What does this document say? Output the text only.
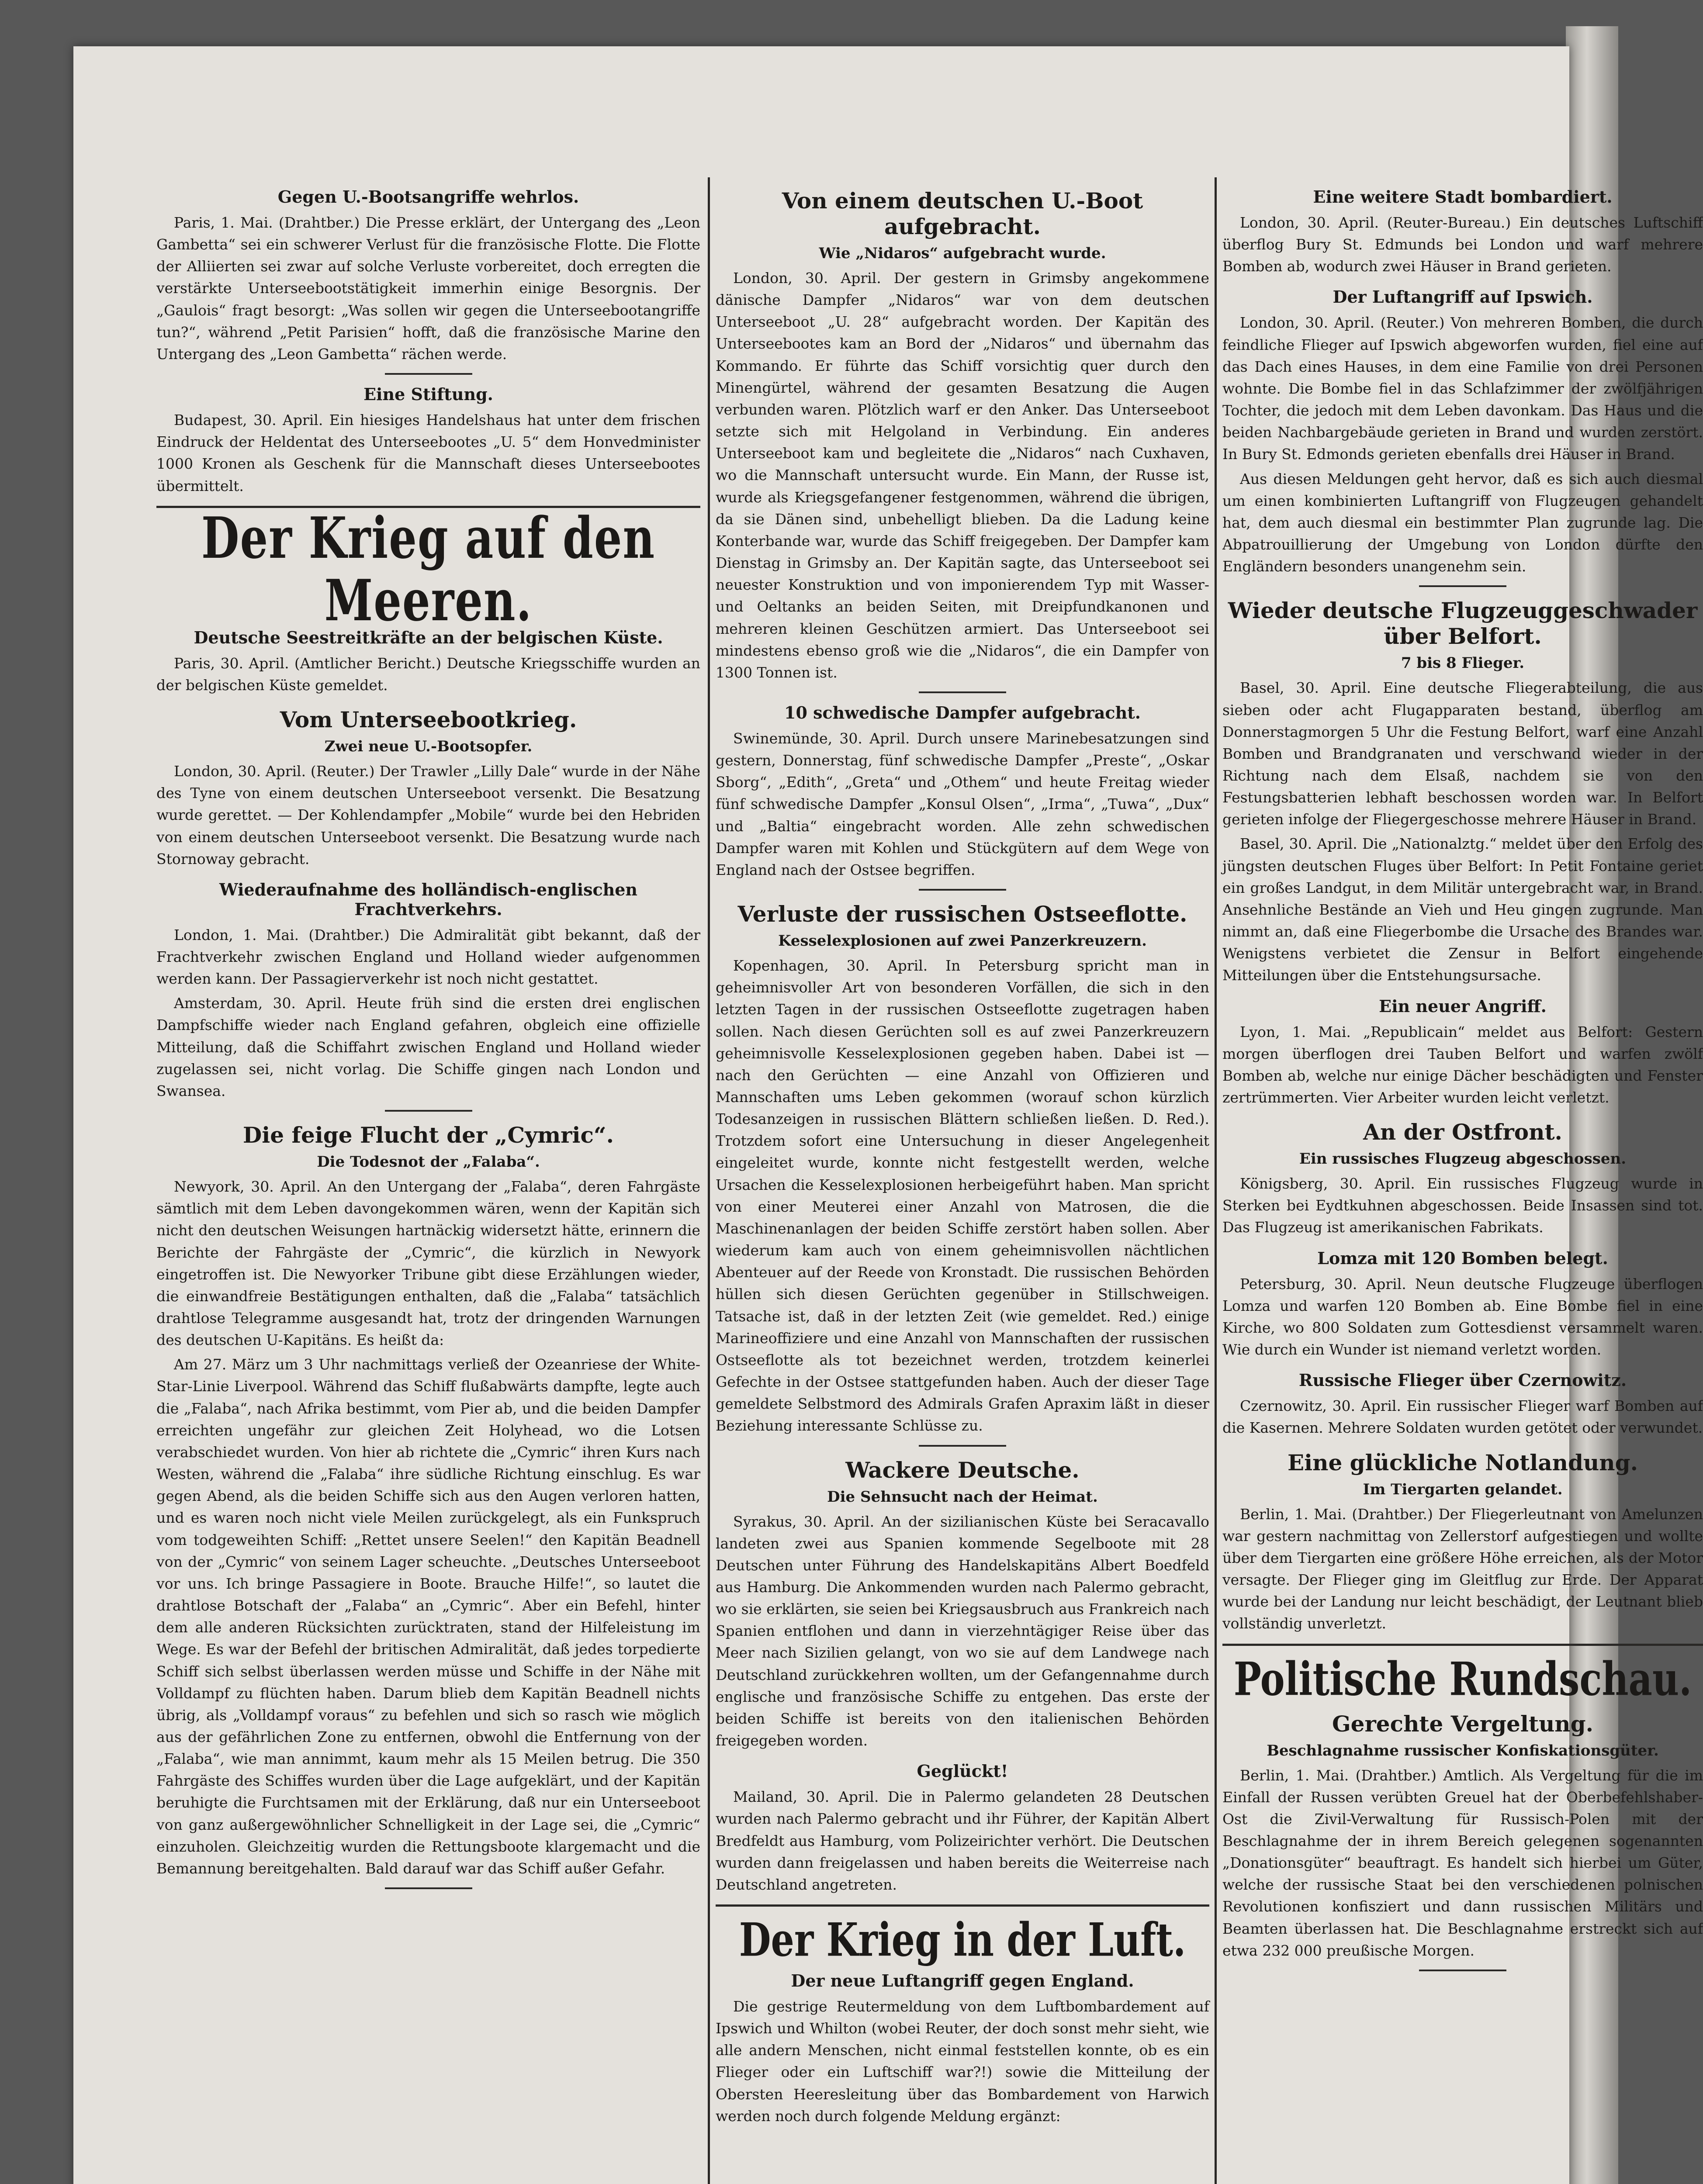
Gegen U.-Bootsangriffe wehrlos.

Paris, 1. Mai. (Drahtber.) Die Presse erklärt, der Untergang des „Leon Gambetta“ sei ein schwerer Verlust für die französische Flotte. Die Flotte der Alliierten sei zwar auf solche Verluste vorbereitet, doch erregten die verstärkte Unterseebootstätigkeit immerhin einige Besorgnis. Der „Gaulois“ fragt besorgt: „Was sollen wir gegen die Unterseebootangriffe tun?“, während „Petit Parisien“ hofft, daß die französische Marine den Untergang des „Leon Gambetta“ rächen werde.

Eine Stiftung.

Budapest, 30. April. Ein hiesiges Handelshaus hat unter dem frischen Eindruck der Heldentat des Unterseebootes „U. 5“ dem Honvedminister 1000 Kronen als Geschenk für die Mannschaft dieses Unterseebootes übermittelt.

Der Krieg auf den Meeren.
Deutsche Seestreitkräfte an der belgischen Küste.

Paris, 30. April. (Amtlicher Bericht.) Deutsche Kriegsschiffe wurden an der belgischen Küste gemeldet.

Vom Unterseebootkrieg.
Zwei neue U.-Bootsopfer.

London, 30. April. (Reuter.) Der Trawler „Lilly Dale“ wurde in der Nähe des Tyne von einem deutschen Unterseeboot versenkt. Die Besatzung wurde gerettet. — Der Kohlendampfer „Mobile“ wurde bei den Hebriden von einem deutschen Unterseeboot versenkt. Die Besatzung wurde nach Stornoway gebracht.

Wiederaufnahme des holländisch-englischen Frachtverkehrs.

London, 1. Mai. (Drahtber.) Die Admiralität gibt bekannt, daß der Frachtverkehr zwischen England und Holland wieder aufgenommen werden kann. Der Passagierverkehr ist noch nicht gestattet.

Amsterdam, 30. April. Heute früh sind die ersten drei englischen Dampfschiffe wieder nach England gefahren, obgleich eine offizielle Mitteilung, daß die Schiffahrt zwischen England und Holland wieder zugelassen sei, nicht vorlag. Die Schiffe gingen nach London und Swansea.

Die feige Flucht der „Cymric“.
Die Todesnot der „Falaba“.

Newyork, 30. April. An den Untergang der „Falaba“, deren Fahrgäste sämtlich mit dem Leben davongekommen wären, wenn der Kapitän sich nicht den deutschen Weisungen hartnäckig widersetzt hätte, erinnern die Berichte der Fahrgäste der „Cymric“, die kürzlich in Newyork eingetroffen ist. Die Newyorker Tribune gibt diese Erzählungen wieder, die einwandfreie Bestätigungen enthalten, daß die „Falaba“ tatsächlich drahtlose Telegramme ausgesandt hat, trotz der dringenden Warnungen des deutschen U-Kapitäns. Es heißt da:

Am 27. März um 3 Uhr nachmittags verließ der Ozeanriese der White-Star-Linie Liverpool. Während das Schiff flußabwärts dampfte, legte auch die „Falaba“, nach Afrika bestimmt, vom Pier ab, und die beiden Dampfer erreichten ungefähr zur gleichen Zeit Holyhead, wo die Lotsen verabschiedet wurden. Von hier ab richtete die „Cymric“ ihren Kurs nach Westen, während die „Falaba“ ihre südliche Richtung einschlug. Es war gegen Abend, als die beiden Schiffe sich aus den Augen verloren hatten, und es waren noch nicht viele Meilen zurückgelegt, als ein Funkspruch vom todgeweihten Schiff: „Rettet unsere Seelen!“ den Kapitän Beadnell von der „Cymric“ von seinem Lager scheuchte. „Deutsches Unterseeboot vor uns. Ich bringe Passagiere in Boote. Brauche Hilfe!“, so lautet die drahtlose Botschaft der „Falaba“ an „Cymric“. Aber ein Befehl, hinter dem alle anderen Rücksichten zurücktraten, stand der Hilfeleistung im Wege. Es war der Befehl der britischen Admiralität, daß jedes torpedierte Schiff sich selbst überlassen werden müsse und Schiffe in der Nähe mit Volldampf zu flüchten haben. Darum blieb dem Kapitän Beadnell nichts übrig, als „Volldampf voraus“ zu befehlen und sich so rasch wie möglich aus der gefährlichen Zone zu entfernen, obwohl die Entfernung von der „Falaba“, wie man annimmt, kaum mehr als 15 Meilen betrug. Die 350 Fahrgäste des Schiffes wurden über die Lage aufgeklärt, und der Kapitän beruhigte die Furchtsamen mit der Erklärung, daß nur ein Unterseeboot von ganz außergewöhnlicher Schnelligkeit in der Lage sei, die „Cymric“ einzuholen. Gleichzeitig wurden die Rettungsboote klargemacht und die Bemannung bereitgehalten. Bald darauf war das Schiff außer Gefahr.

Von einem deutschen U.-Boot aufgebracht.
Wie „Nidaros“ aufgebracht wurde.

London, 30. April. Der gestern in Grimsby angekommene dänische Dampfer „Nidaros“ war von dem deutschen Unterseeboot „U. 28“ aufgebracht worden. Der Kapitän des Unterseebootes kam an Bord der „Nidaros“ und übernahm das Kommando. Er führte das Schiff vorsichtig quer durch den Minengürtel, während der gesamten Besatzung die Augen verbunden waren. Plötzlich warf er den Anker. Das Unterseeboot setzte sich mit Helgoland in Verbindung. Ein anderes Unterseeboot kam und begleitete die „Nidaros“ nach Cuxhaven, wo die Mannschaft untersucht wurde. Ein Mann, der Russe ist, wurde als Kriegsgefangener festgenommen, während die übrigen, da sie Dänen sind, unbehelligt blieben. Da die Ladung keine Konterbande war, wurde das Schiff freigegeben. Der Dampfer kam Dienstag in Grimsby an. Der Kapitän sagte, das Unterseeboot sei neuester Konstruktion und von imponierendem Typ mit Wasser- und Oeltanks an beiden Seiten, mit Dreipfundkanonen und mehreren kleinen Geschützen armiert. Das Unterseeboot sei mindestens ebenso groß wie die „Nidaros“, die ein Dampfer von 1300 Tonnen ist.

10 schwedische Dampfer aufgebracht.

Swinemünde, 30. April. Durch unsere Marinebesatzungen sind gestern, Donnerstag, fünf schwedische Dampfer „Preste“, „Oskar Sborg“, „Edith“, „Greta“ und „Othem“ und heute Freitag wieder fünf schwedische Dampfer „Konsul Olsen“, „Irma“, „Tuwa“, „Dux“ und „Baltia“ eingebracht worden. Alle zehn schwedischen Dampfer waren mit Kohlen und Stückgütern auf dem Wege von England nach der Ostsee begriffen.

Verluste der russischen Ostseeflotte.
Kesselexplosionen auf zwei Panzerkreuzern.

Kopenhagen, 30. April. In Petersburg spricht man in geheimnisvoller Art von besonderen Vorfällen, die sich in den letzten Tagen in der russischen Ostseeflotte zugetragen haben sollen. Nach diesen Gerüchten soll es auf zwei Panzerkreuzern geheimnisvolle Kesselexplosionen gegeben haben. Dabei ist — nach den Gerüchten — eine Anzahl von Offizieren und Mannschaften ums Leben gekommen (worauf schon kürzlich Todesanzeigen in russischen Blättern schließen ließen. D. Red.). Trotzdem sofort eine Untersuchung in dieser Angelegenheit eingeleitet wurde, konnte nicht festgestellt werden, welche Ursachen die Kesselexplosionen herbeigeführt haben. Man spricht von einer Meuterei einer Anzahl von Matrosen, die die Maschinenanlagen der beiden Schiffe zerstört haben sollen. Aber wiederum kam auch von einem geheimnisvollen nächtlichen Abenteuer auf der Reede von Kronstadt. Die russischen Behörden hüllen sich diesen Gerüchten gegenüber in Stillschweigen. Tatsache ist, daß in der letzten Zeit (wie gemeldet. Red.) einige Marineoffiziere und eine Anzahl von Mannschaften der russischen Ostseeflotte als tot bezeichnet werden, trotzdem keinerlei Gefechte in der Ostsee stattgefunden haben. Auch der dieser Tage gemeldete Selbstmord des Admirals Grafen Apraxim läßt in dieser Beziehung interessante Schlüsse zu.

Wackere Deutsche.
Die Sehnsucht nach der Heimat.

Syrakus, 30. April. An der sizilianischen Küste bei Seracavallo landeten zwei aus Spanien kommende Segelboote mit 28 Deutschen unter Führung des Handelskapitäns Albert Boedfeld aus Hamburg. Die Ankommenden wurden nach Palermo gebracht, wo sie erklärten, sie seien bei Kriegsausbruch aus Frankreich nach Spanien entflohen und dann in vierzehntägiger Reise über das Meer nach Sizilien gelangt, von wo sie auf dem Landwege nach Deutschland zurückkehren wollten, um der Gefangennahme durch englische und französische Schiffe zu entgehen. Das erste der beiden Schiffe ist bereits von den italienischen Behörden freigegeben worden.

Geglückt!

Mailand, 30. April. Die in Palermo gelandeten 28 Deutschen wurden nach Palermo gebracht und ihr Führer, der Kapitän Albert Bredfeldt aus Hamburg, vom Polizeirichter verhört. Die Deutschen wurden dann freigelassen und haben bereits die Weiterreise nach Deutschland angetreten.

Der Krieg in der Luft.
Der neue Luftangriff gegen England.

Die gestrige Reutermeldung von dem Luftbombardement auf Ipswich und Whilton (wobei Reuter, der doch sonst mehr sieht, wie alle andern Menschen, nicht einmal feststellen konnte, ob es ein Flieger oder ein Luftschiff war?!) sowie die Mitteilung der Obersten Heeresleitung über das Bombardement von Harwich werden noch durch folgende Meldung ergänzt:

Eine weitere Stadt bombardiert.

London, 30. April. (Reuter-Bureau.) Ein deutsches Luftschiff überflog Bury St. Edmunds bei London und warf mehrere Bomben ab, wodurch zwei Häuser in Brand gerieten.

Der Luftangriff auf Ipswich.

London, 30. April. (Reuter.) Von mehreren Bomben, die durch feindliche Flieger auf Ipswich abgeworfen wurden, fiel eine auf das Dach eines Hauses, in dem eine Familie von drei Personen wohnte. Die Bombe fiel in das Schlafzimmer der zwölfjährigen Tochter, die jedoch mit dem Leben davonkam. Das Haus und die beiden Nachbargebäude gerieten in Brand und wurden zerstört. In Bury St. Edmonds gerieten ebenfalls drei Häuser in Brand.

Aus diesen Meldungen geht hervor, daß es sich auch diesmal um einen kombinierten Luftangriff von Flugzeugen gehandelt hat, dem auch diesmal ein bestimmter Plan zugrunde lag. Die Abpatrouillierung der Umgebung von London dürfte den Engländern besonders unangenehm sein.

Wieder deutsche Flugzeuggeschwader über Belfort.
7 bis 8 Flieger.

Basel, 30. April. Eine deutsche Fliegerabteilung, die aus sieben oder acht Flugapparaten bestand, überflog am Donnerstagmorgen 5 Uhr die Festung Belfort, warf eine Anzahl Bomben und Brandgranaten und verschwand wieder in der Richtung nach dem Elsaß, nachdem sie von den Festungsbatterien lebhaft beschossen worden war. In Belfort gerieten infolge der Fliegergeschosse mehrere Häuser in Brand.

Basel, 30. April. Die „Nationalztg.“ meldet über den Erfolg des jüngsten deutschen Fluges über Belfort: In Petit Fontaine geriet ein großes Landgut, in dem Militär untergebracht war, in Brand. Ansehnliche Bestände an Vieh und Heu gingen zugrunde. Man nimmt an, daß eine Fliegerbombe die Ursache des Brandes war. Wenigstens verbietet die Zensur in Belfort eingehende Mitteilungen über die Entstehungsursache.

Ein neuer Angriff.

Lyon, 1. Mai. „Republicain“ meldet aus Belfort: Gestern morgen überflogen drei Tauben Belfort und warfen zwölf Bomben ab, welche nur einige Dächer beschädigten und Fenster zertrümmerten. Vier Arbeiter wurden leicht verletzt.

An der Ostfront.
Ein russisches Flugzeug abgeschossen.

Königsberg, 30. April. Ein russisches Flugzeug wurde in Sterken bei Eydtkuhnen abgeschossen. Beide Insassen sind tot. Das Flugzeug ist amerikanischen Fabrikats.

Lomza mit 120 Bomben belegt.

Petersburg, 30. April. Neun deutsche Flugzeuge überflogen Lomza und warfen 120 Bomben ab. Eine Bombe fiel in eine Kirche, wo 800 Soldaten zum Gottesdienst versammelt waren. Wie durch ein Wunder ist niemand verletzt worden.

Russische Flieger über Czernowitz.

Czernowitz, 30. April. Ein russischer Flieger warf Bomben auf die Kasernen. Mehrere Soldaten wurden getötet oder verwundet.

Eine glückliche Notlandung.
Im Tiergarten gelandet.

Berlin, 1. Mai. (Drahtber.) Der Fliegerleutnant von Amelunzen war gestern nachmittag von Zellerstorf aufgestiegen und wollte über dem Tiergarten eine größere Höhe erreichen, als der Motor versagte. Der Flieger ging im Gleitflug zur Erde. Der Apparat wurde bei der Landung nur leicht beschädigt, der Leutnant blieb vollständig unverletzt.

Politische Rundschau.
Gerechte Vergeltung.
Beschlagnahme russischer Konfiskationsgüter.

Berlin, 1. Mai. (Drahtber.) Amtlich. Als Vergeltung für die im Einfall der Russen verübten Greuel hat der Oberbefehlshaber-Ost die Zivil-Verwaltung für Russisch-Polen mit der Beschlagnahme der in ihrem Bereich gelegenen sogenannten „Donationsgüter“ beauftragt. Es handelt sich hierbei um Güter, welche der russische Staat bei den verschiedenen polnischen Revolutionen konfisziert und dann russischen Militärs und Beamten überlassen hat. Die Beschlagnahme erstreckt sich auf etwa 232 000 preußische Morgen.
